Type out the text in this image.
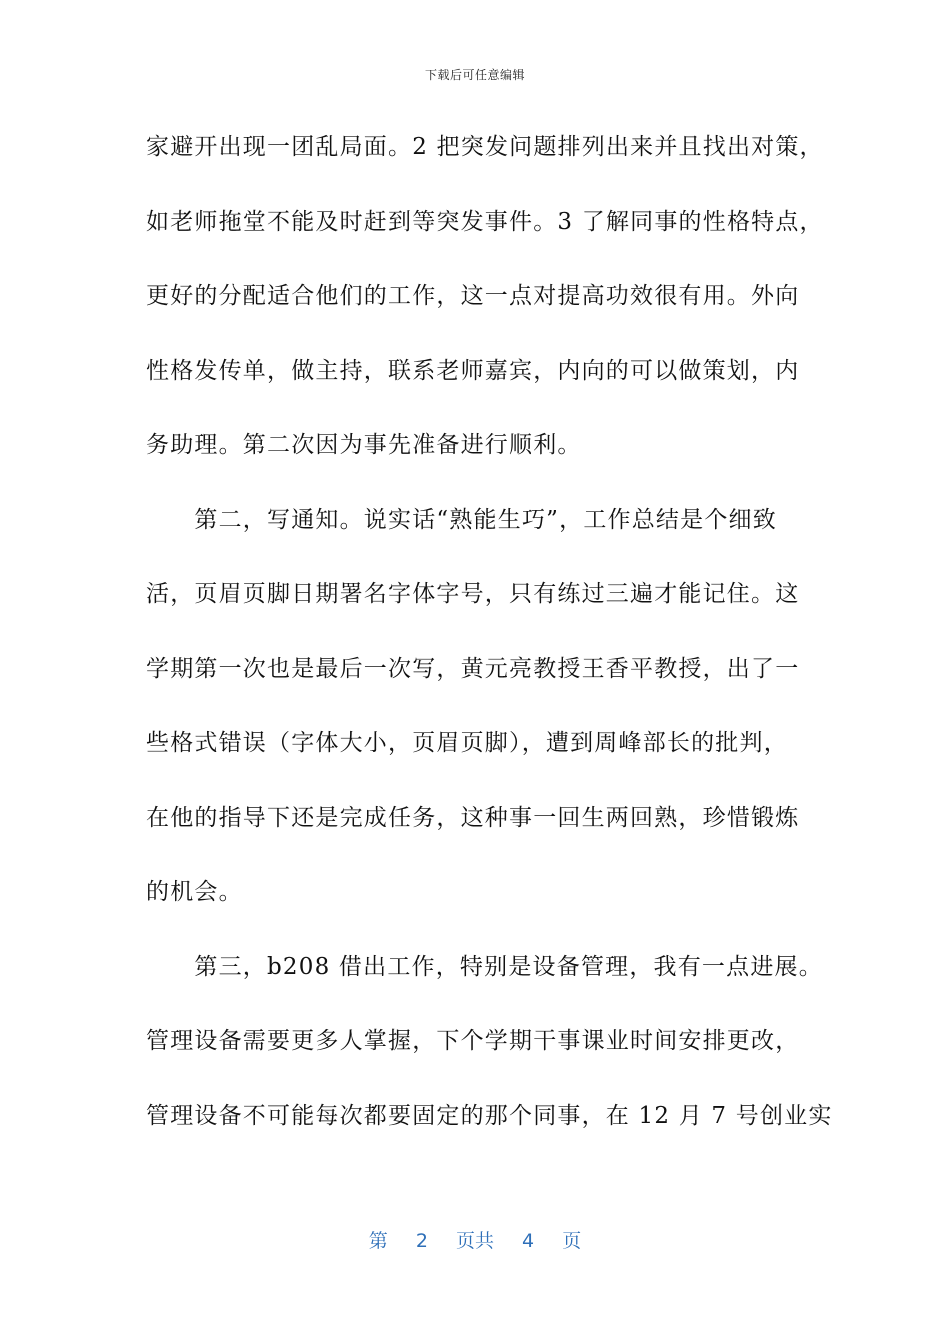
下载后可任意编辑
家避开出现一团乱局面。2 把突发问题排列出来并且找出对策，
如老师拖堂不能及时赶到等突发事件。3 了解同事的性格特点，
更好的分配适合他们的工作，这一点对提高功效很有用。外向
性格发传单，做主持，联系老师嘉宾，内向的可以做策划，内
务助理。第二次因为事先准备进行顺利。
　　第二，写通知。说实话“熟能生巧”，工作总结是个细致
活，页眉页脚日期署名字体字号，只有练过三遍才能记住。这
学期第一次也是最后一次写，黄元亮教授王香平教授，出了一
些格式错误（字体大小，页眉页脚），遭到周峰部长的批判，
在他的指导下还是完成任务，这种事一回生两回熟，珍惜锻炼
的机会。
　　第三，b208 借出工作，特别是设备管理，我有一点进展。
管理设备需要更多人掌握，下个学期干事课业时间安排更改，
管理设备不可能每次都要固定的那个同事，在 12 月 7 号创业实
第 2 页共 4 页
